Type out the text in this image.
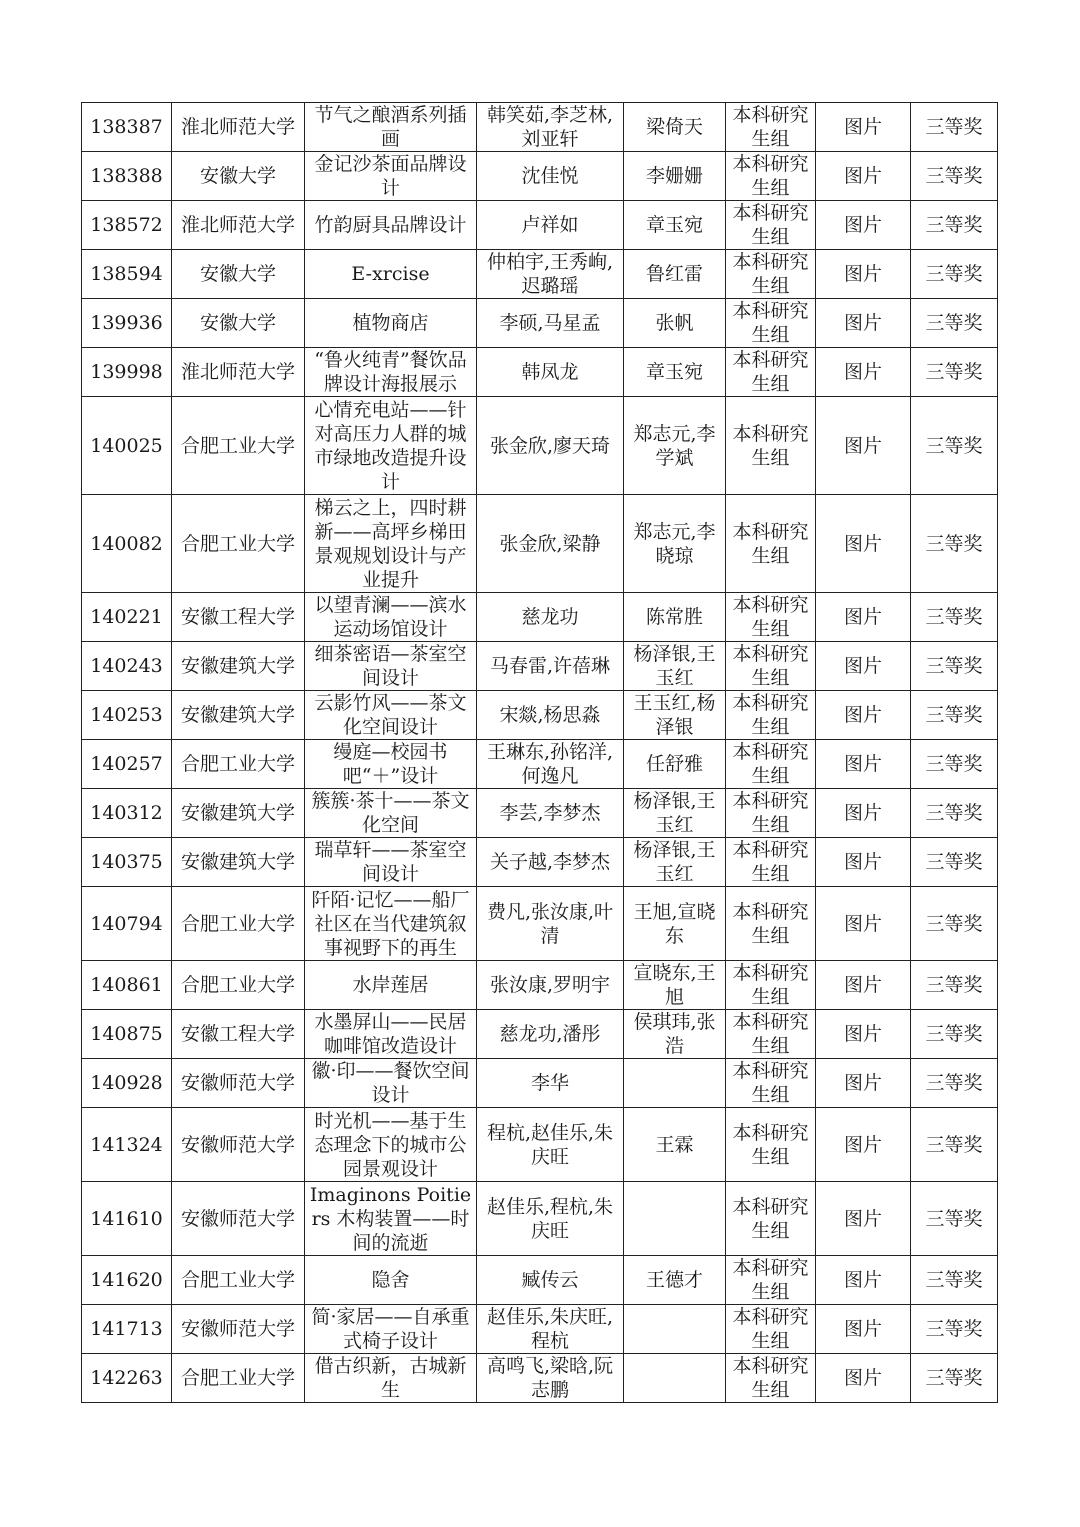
138387	淮北师范大学	节气之酿酒系列插画	韩笑茹,李芝林,刘亚轩	梁倚天	本科研究生组	图片	三等奖
138388	安徽大学	金记沙茶面品牌设计	沈佳悦	李姗姗	本科研究生组	图片	三等奖
138572	淮北师范大学	竹韵厨具品牌设计	卢祥如	章玉宛	本科研究生组	图片	三等奖
138594	安徽大学	E-xrcise	仲柏宇,王秀峋,迟璐瑶	鲁红雷	本科研究生组	图片	三等奖
139936	安徽大学	植物商店	李硕,马星孟	张帆	本科研究生组	图片	三等奖
139998	淮北师范大学	“鲁火纯青”餐饮品牌设计海报展示	韩凤龙	章玉宛	本科研究生组	图片	三等奖
140025	合肥工业大学	心情充电站——针对高压力人群的城市绿地改造提升设计	张金欣,廖天琦	郑志元,李学斌	本科研究生组	图片	三等奖
140082	合肥工业大学	梯云之上，四时耕新——高坪乡梯田景观规划设计与产业提升	张金欣,梁静	郑志元,李晓琼	本科研究生组	图片	三等奖
140221	安徽工程大学	以望青澜——滨水运动场馆设计	慈龙功	陈常胜	本科研究生组	图片	三等奖
140243	安徽建筑大学	细茶密语—茶室空间设计	马春雷,许蓓琳	杨泽银,王玉红	本科研究生组	图片	三等奖
140253	安徽建筑大学	云影竹风——茶文化空间设计	宋燚,杨思淼	王玉红,杨泽银	本科研究生组	图片	三等奖
140257	合肥工业大学	缦庭—校园书吧“＋”设计	王琳东,孙铭洋,何逸凡	任舒雅	本科研究生组	图片	三等奖
140312	安徽建筑大学	簇簇·茶十——茶文化空间	李芸,李梦杰	杨泽银,王玉红	本科研究生组	图片	三等奖
140375	安徽建筑大学	瑞草轩——茶室空间设计	关子越,李梦杰	杨泽银,王玉红	本科研究生组	图片	三等奖
140794	合肥工业大学	阡陌·记忆——船厂社区在当代建筑叙事视野下的再生	费凡,张汝康,叶清	王旭,宣晓东	本科研究生组	图片	三等奖
140861	合肥工业大学	水岸莲居	张汝康,罗明宇	宣晓东,王旭	本科研究生组	图片	三等奖
140875	安徽工程大学	水墨屏山——民居咖啡馆改造设计	慈龙功,潘彤	侯琪玮,张浩	本科研究生组	图片	三等奖
140928	安徽师范大学	徽·印——餐饮空间设计	李华		本科研究生组	图片	三等奖
141324	安徽师范大学	时光机——基于生态理念下的城市公园景观设计	程杭,赵佳乐,朱庆旺	王霖	本科研究生组	图片	三等奖
141610	安徽师范大学	Imaginons Poitiers 木构装置——时间的流逝	赵佳乐,程杭,朱庆旺		本科研究生组	图片	三等奖
141620	合肥工业大学	隐舍	臧传云	王德才	本科研究生组	图片	三等奖
141713	安徽师范大学	简·家居——自承重式椅子设计	赵佳乐,朱庆旺,程杭		本科研究生组	图片	三等奖
142263	合肥工业大学	借古织新，古城新生	高鸣飞,梁晗,阮志鹏		本科研究生组	图片	三等奖
